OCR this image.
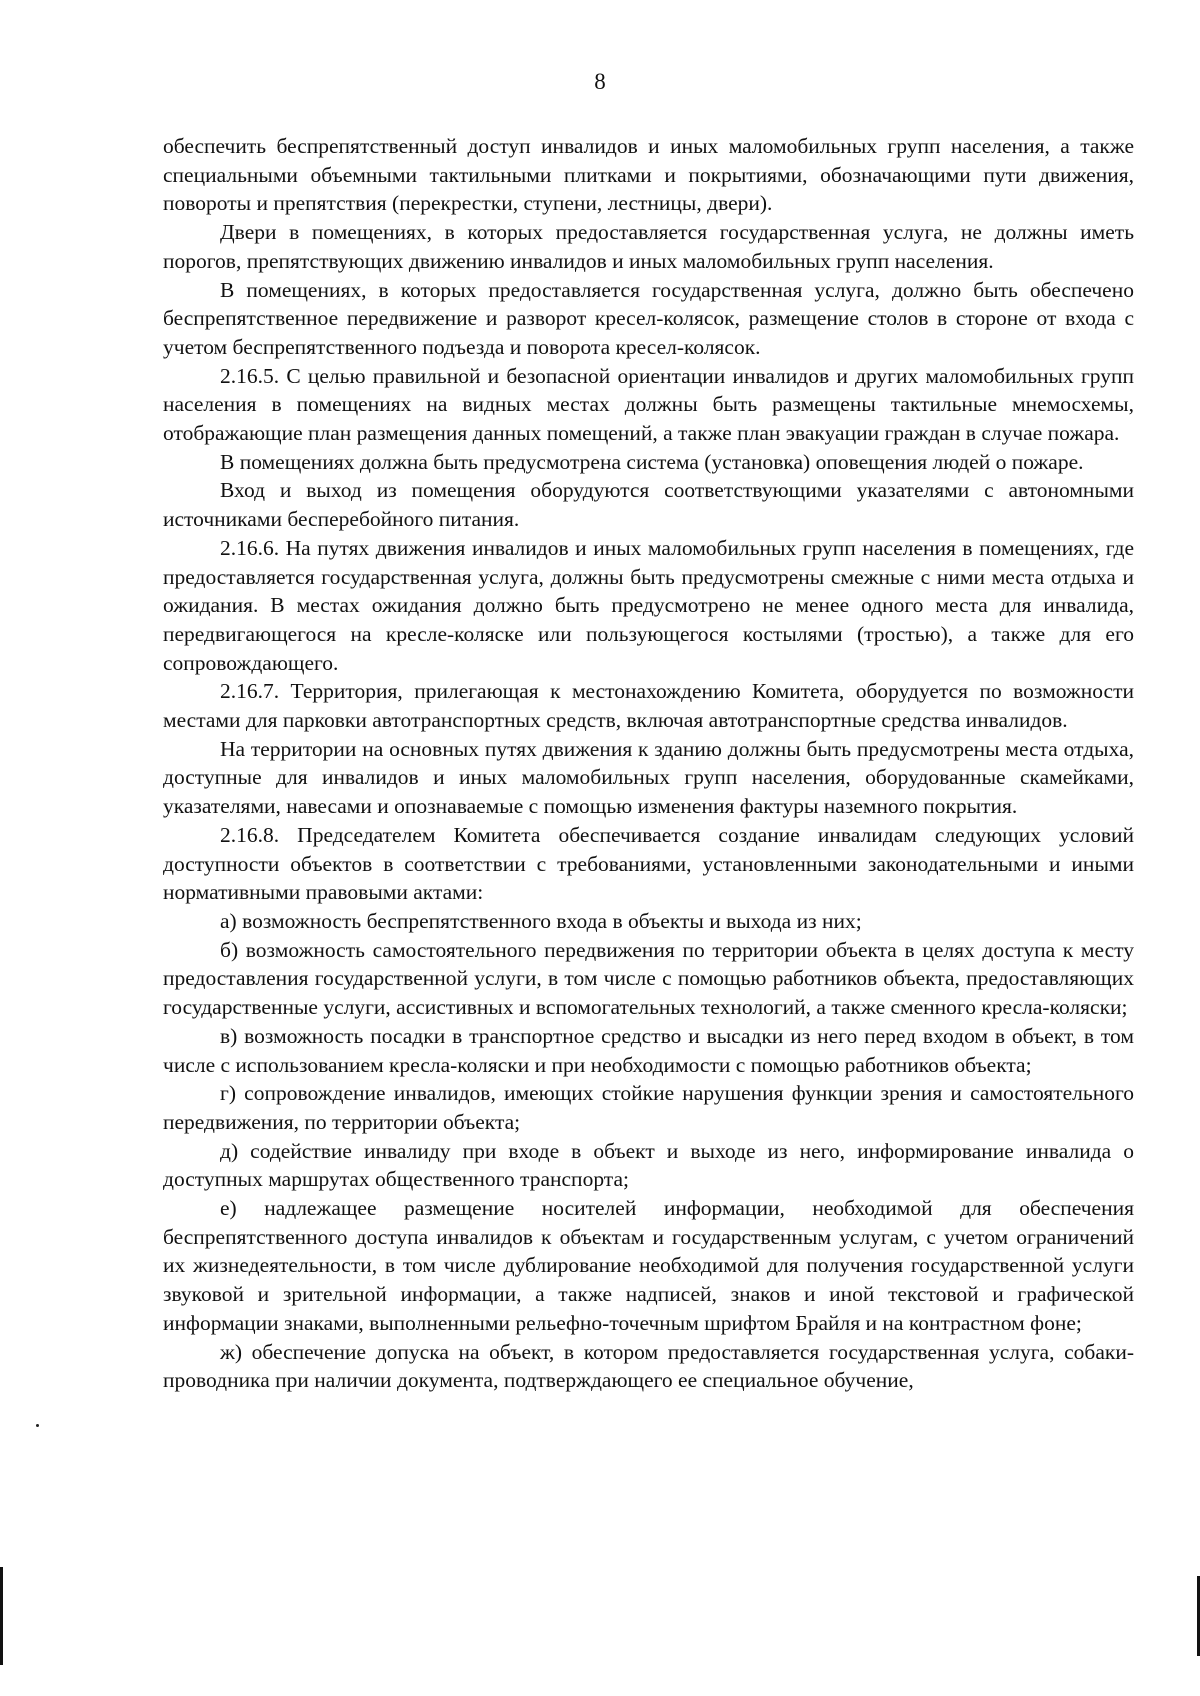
8

обеспечить беспрепятственный доступ инвалидов и иных маломобильных групп населения, а также специальными объемными тактильными плитками и покрытиями, обозначающими пути движения, повороты и препятствия (перекрестки, ступени, лестницы, двери).

Двери в помещениях, в которых предоставляется государственная услуга, не должны иметь порогов, препятствующих движению инвалидов и иных маломобильных групп населения.

В помещениях, в которых предоставляется государственная услуга, должно быть обеспечено беспрепятственное передвижение и разворот кресел-колясок, размещение столов в стороне от входа с учетом беспрепятственного подъезда и поворота кресел-колясок.

2.16.5. С целью правильной и безопасной ориентации инвалидов и других маломобильных групп населения в помещениях на видных местах должны быть размещены тактильные мнемосхемы, отображающие план размещения данных помещений, а также план эвакуации граждан в случае пожара.

В помещениях должна быть предусмотрена система (установка) оповещения людей о пожаре.

Вход и выход из помещения оборудуются соответствующими указателями с автономными источниками бесперебойного питания.

2.16.6. На путях движения инвалидов и иных маломобильных групп населения в помещениях, где предоставляется государственная услуга, должны быть предусмотрены смежные с ними места отдыха и ожидания. В местах ожидания должно быть предусмотрено не менее одного места для инвалида, передвигающегося на кресле-коляске или пользующегося костылями (тростью), а также для его сопровождающего.

2.16.7. Территория, прилегающая к местонахождению Комитета, оборудуется по возможности местами для парковки автотранспортных средств, включая автотранспортные средства инвалидов.

На территории на основных путях движения к зданию должны быть предусмотрены места отдыха, доступные для инвалидов и иных маломобильных групп населения, оборудованные скамейками, указателями, навесами и опознаваемые с помощью изменения фактуры наземного покрытия.

2.16.8. Председателем Комитета обеспечивается создание инвалидам следующих условий доступности объектов в соответствии с требованиями, установленными законодательными и иными нормативными правовыми актами:

а) возможность беспрепятственного входа в объекты и выхода из них;

б) возможность самостоятельного передвижения по территории объекта в целях доступа к месту предоставления государственной услуги, в том числе с помощью работников объекта, предоставляющих государственные услуги, ассистивных и вспомогательных технологий, а также сменного кресла-коляски;

в) возможность посадки в транспортное средство и высадки из него перед входом в объект, в том числе с использованием кресла-коляски и при необходимости с помощью работников объекта;

г) сопровождение инвалидов, имеющих стойкие нарушения функции зрения и самостоятельного передвижения, по территории объекта;

д) содействие инвалиду при входе в объект и выходе из него, информирование инвалида о доступных маршрутах общественного транспорта;

е) надлежащее размещение носителей информации, необходимой для обеспечения беспрепятственного доступа инвалидов к объектам и государственным услугам, с учетом ограничений их жизнедеятельности, в том числе дублирование необходимой для получения государственной услуги звуковой и зрительной информации, а также надписей, знаков и иной текстовой и графической информации знаками, выполненными рельефно-точечным шрифтом Брайля и на контрастном фоне;

ж) обеспечение допуска на объект, в котором предоставляется государственная услуга, собаки-проводника при наличии документа, подтверждающего ее специальное обучение,
